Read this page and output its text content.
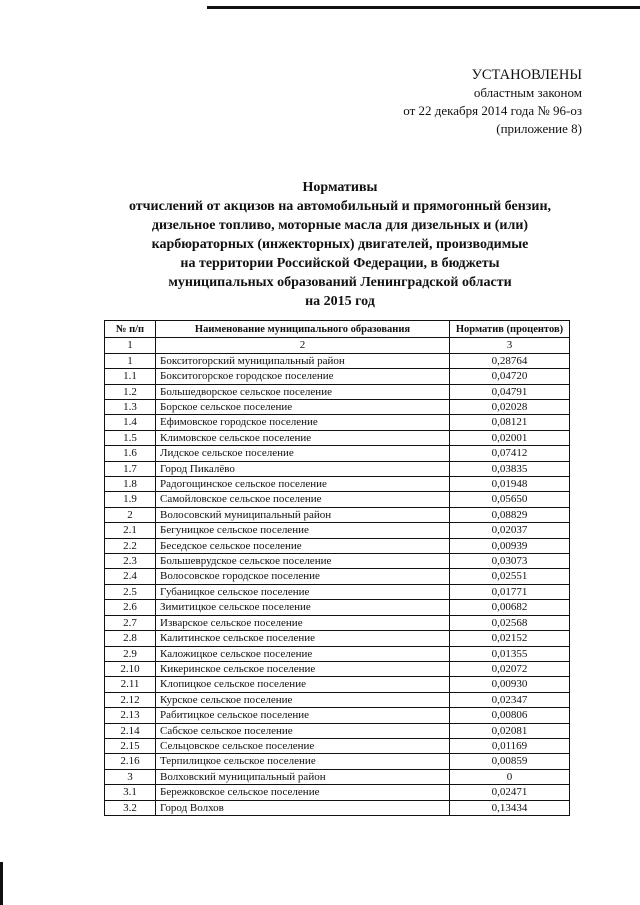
УСТАНОВЛЕНЫ
областным законом
от 22 декабря 2014 года № 96-оз
(приложение 8)
Нормативы
отчислений от акцизов на автомобильный и прямогонный бензин,
дизельное топливо, моторные масла для дизельных и (или)
карбюраторных (инжекторных) двигателей, производимые
на территории Российской Федерации, в бюджеты
муниципальных образований Ленинградской области
на 2015 год
№ п/п	Наименование муниципального образования	Норматив (процентов)
1	2	3
1	Бокситогорский муниципальный район	0,28764
1.1	Бокситогорское городское поселение	0,04720
1.2	Большедворское сельское поселение	0,04791
1.3	Борское сельское поселение	0,02028
1.4	Ефимовское городское поселение	0,08121
1.5	Климовское сельское поселение	0,02001
1.6	Лидское сельское поселение	0,07412
1.7	Город Пикалёво	0,03835
1.8	Радогощинское сельское поселение	0,01948
1.9	Самойловское сельское поселение	0,05650
2	Волосовский муниципальный район	0,08829
2.1	Бегуницкое сельское поселение	0,02037
2.2	Беседское сельское поселение	0,00939
2.3	Большеврудское сельское поселение	0,03073
2.4	Волосовское городское поселение	0,02551
2.5	Губаницкое сельское поселение	0,01771
2.6	Зимитицкое сельское поселение	0,00682
2.7	Изварское сельское поселение	0,02568
2.8	Калитинское сельское поселение	0,02152
2.9	Каложицкое сельское поселение	0,01355
2.10	Кикеринское сельское поселение	0,02072
2.11	Клопицкое сельское поселение	0,00930
2.12	Курское сельское поселение	0,02347
2.13	Рабитицкое сельское поселение	0,00806
2.14	Сабское сельское поселение	0,02081
2.15	Сельцовское сельское поселение	0,01169
2.16	Терпилицкое сельское поселение	0,00859
3	Волховский муниципальный район	0
3.1	Бережковское сельское поселение	0,02471
3.2	Город Волхов	0,13434
